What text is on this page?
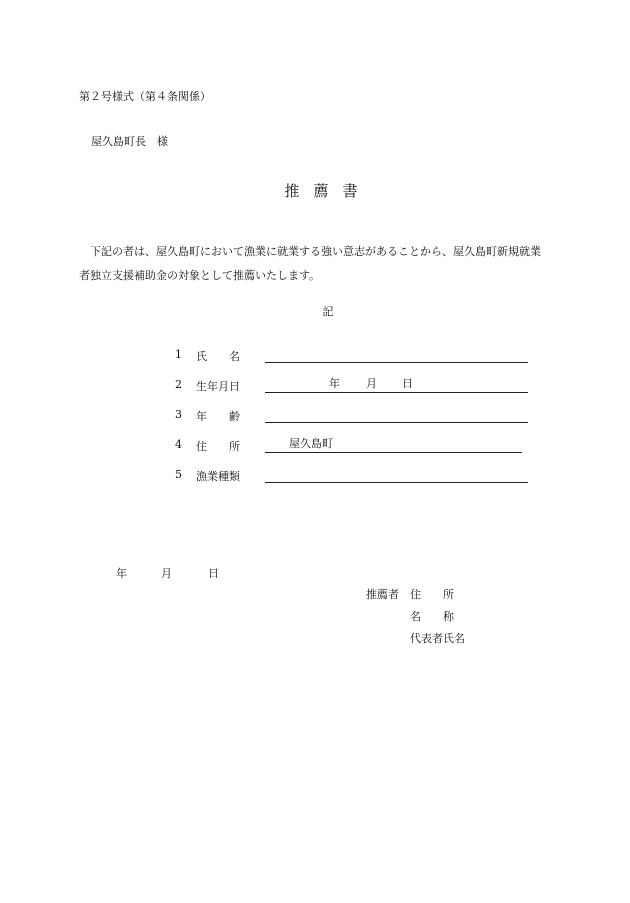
第２号様式（第４条関係）
屋久島町長　様
推薦書
下記の者は、屋久島町において漁業に就業する強い意志があることから、屋久島町新規就業者独立支援補助金の対象として推薦いたします。
記
1 氏　　名
2 生年月日	年 月 日
3 年　　齢
4 住　　所	屋久島町
5 漁業種類
年	月	日
推薦者 住　　所
名　　称
代表者氏名
